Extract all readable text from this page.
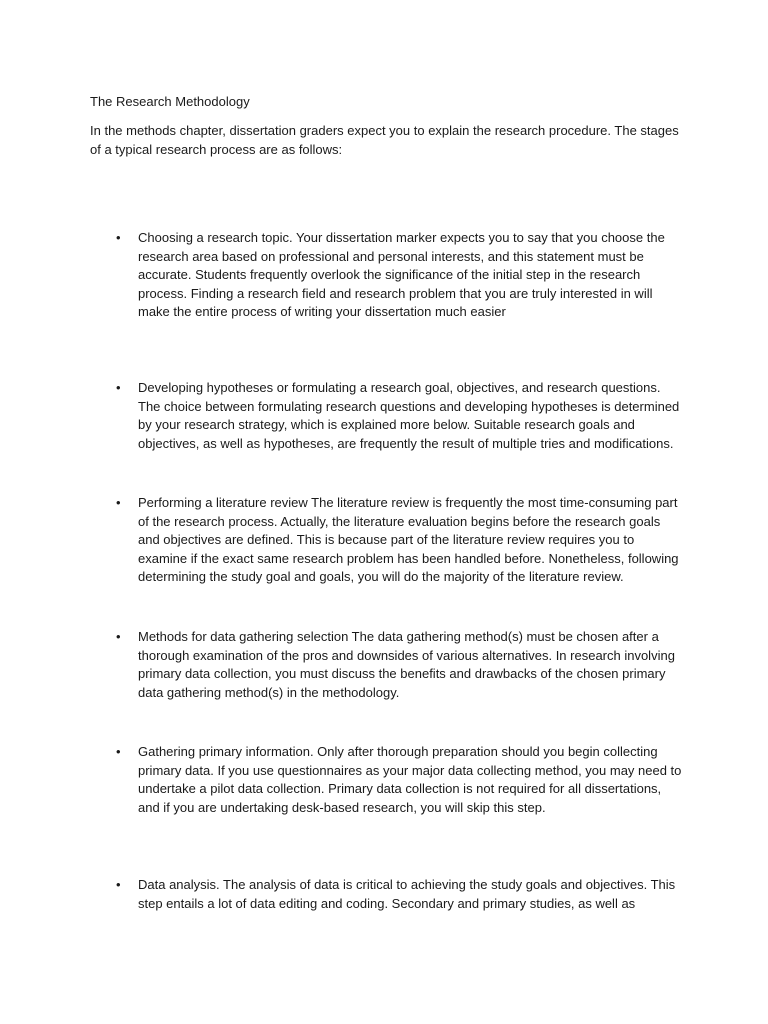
The Research Methodology

In the methods chapter, dissertation graders expect you to explain the research procedure. The stages of a typical research process are as follows:

• Choosing a research topic. Your dissertation marker expects you to say that you choose the research area based on professional and personal interests, and this statement must be accurate. Students frequently overlook the significance of the initial step in the research process. Finding a research field and research problem that you are truly interested in will make the entire process of writing your dissertation much easier
• Developing hypotheses or formulating a research goal, objectives, and research questions. The choice between formulating research questions and developing hypotheses is determined by your research strategy, which is explained more below. Suitable research goals and objectives, as well as hypotheses, are frequently the result of multiple tries and modifications.
• Performing a literature review The literature review is frequently the most time-consuming part of the research process. Actually, the literature evaluation begins before the research goals and objectives are defined. This is because part of the literature review requires you to examine if the exact same research problem has been handled before. Nonetheless, following determining the study goal and goals, you will do the majority of the literature review.
• Methods for data gathering selection The data gathering method(s) must be chosen after a thorough examination of the pros and downsides of various alternatives. In research involving primary data collection, you must discuss the benefits and drawbacks of the chosen primary data gathering method(s) in the methodology.
• Gathering primary information. Only after thorough preparation should you begin collecting primary data. If you use questionnaires as your major data collecting method, you may need to undertake a pilot data collection. Primary data collection is not required for all dissertations, and if you are undertaking desk-based research, you will skip this step.
• Data analysis. The analysis of data is critical to achieving the study goals and objectives. This step entails a lot of data editing and coding. Secondary and primary studies, as well as
